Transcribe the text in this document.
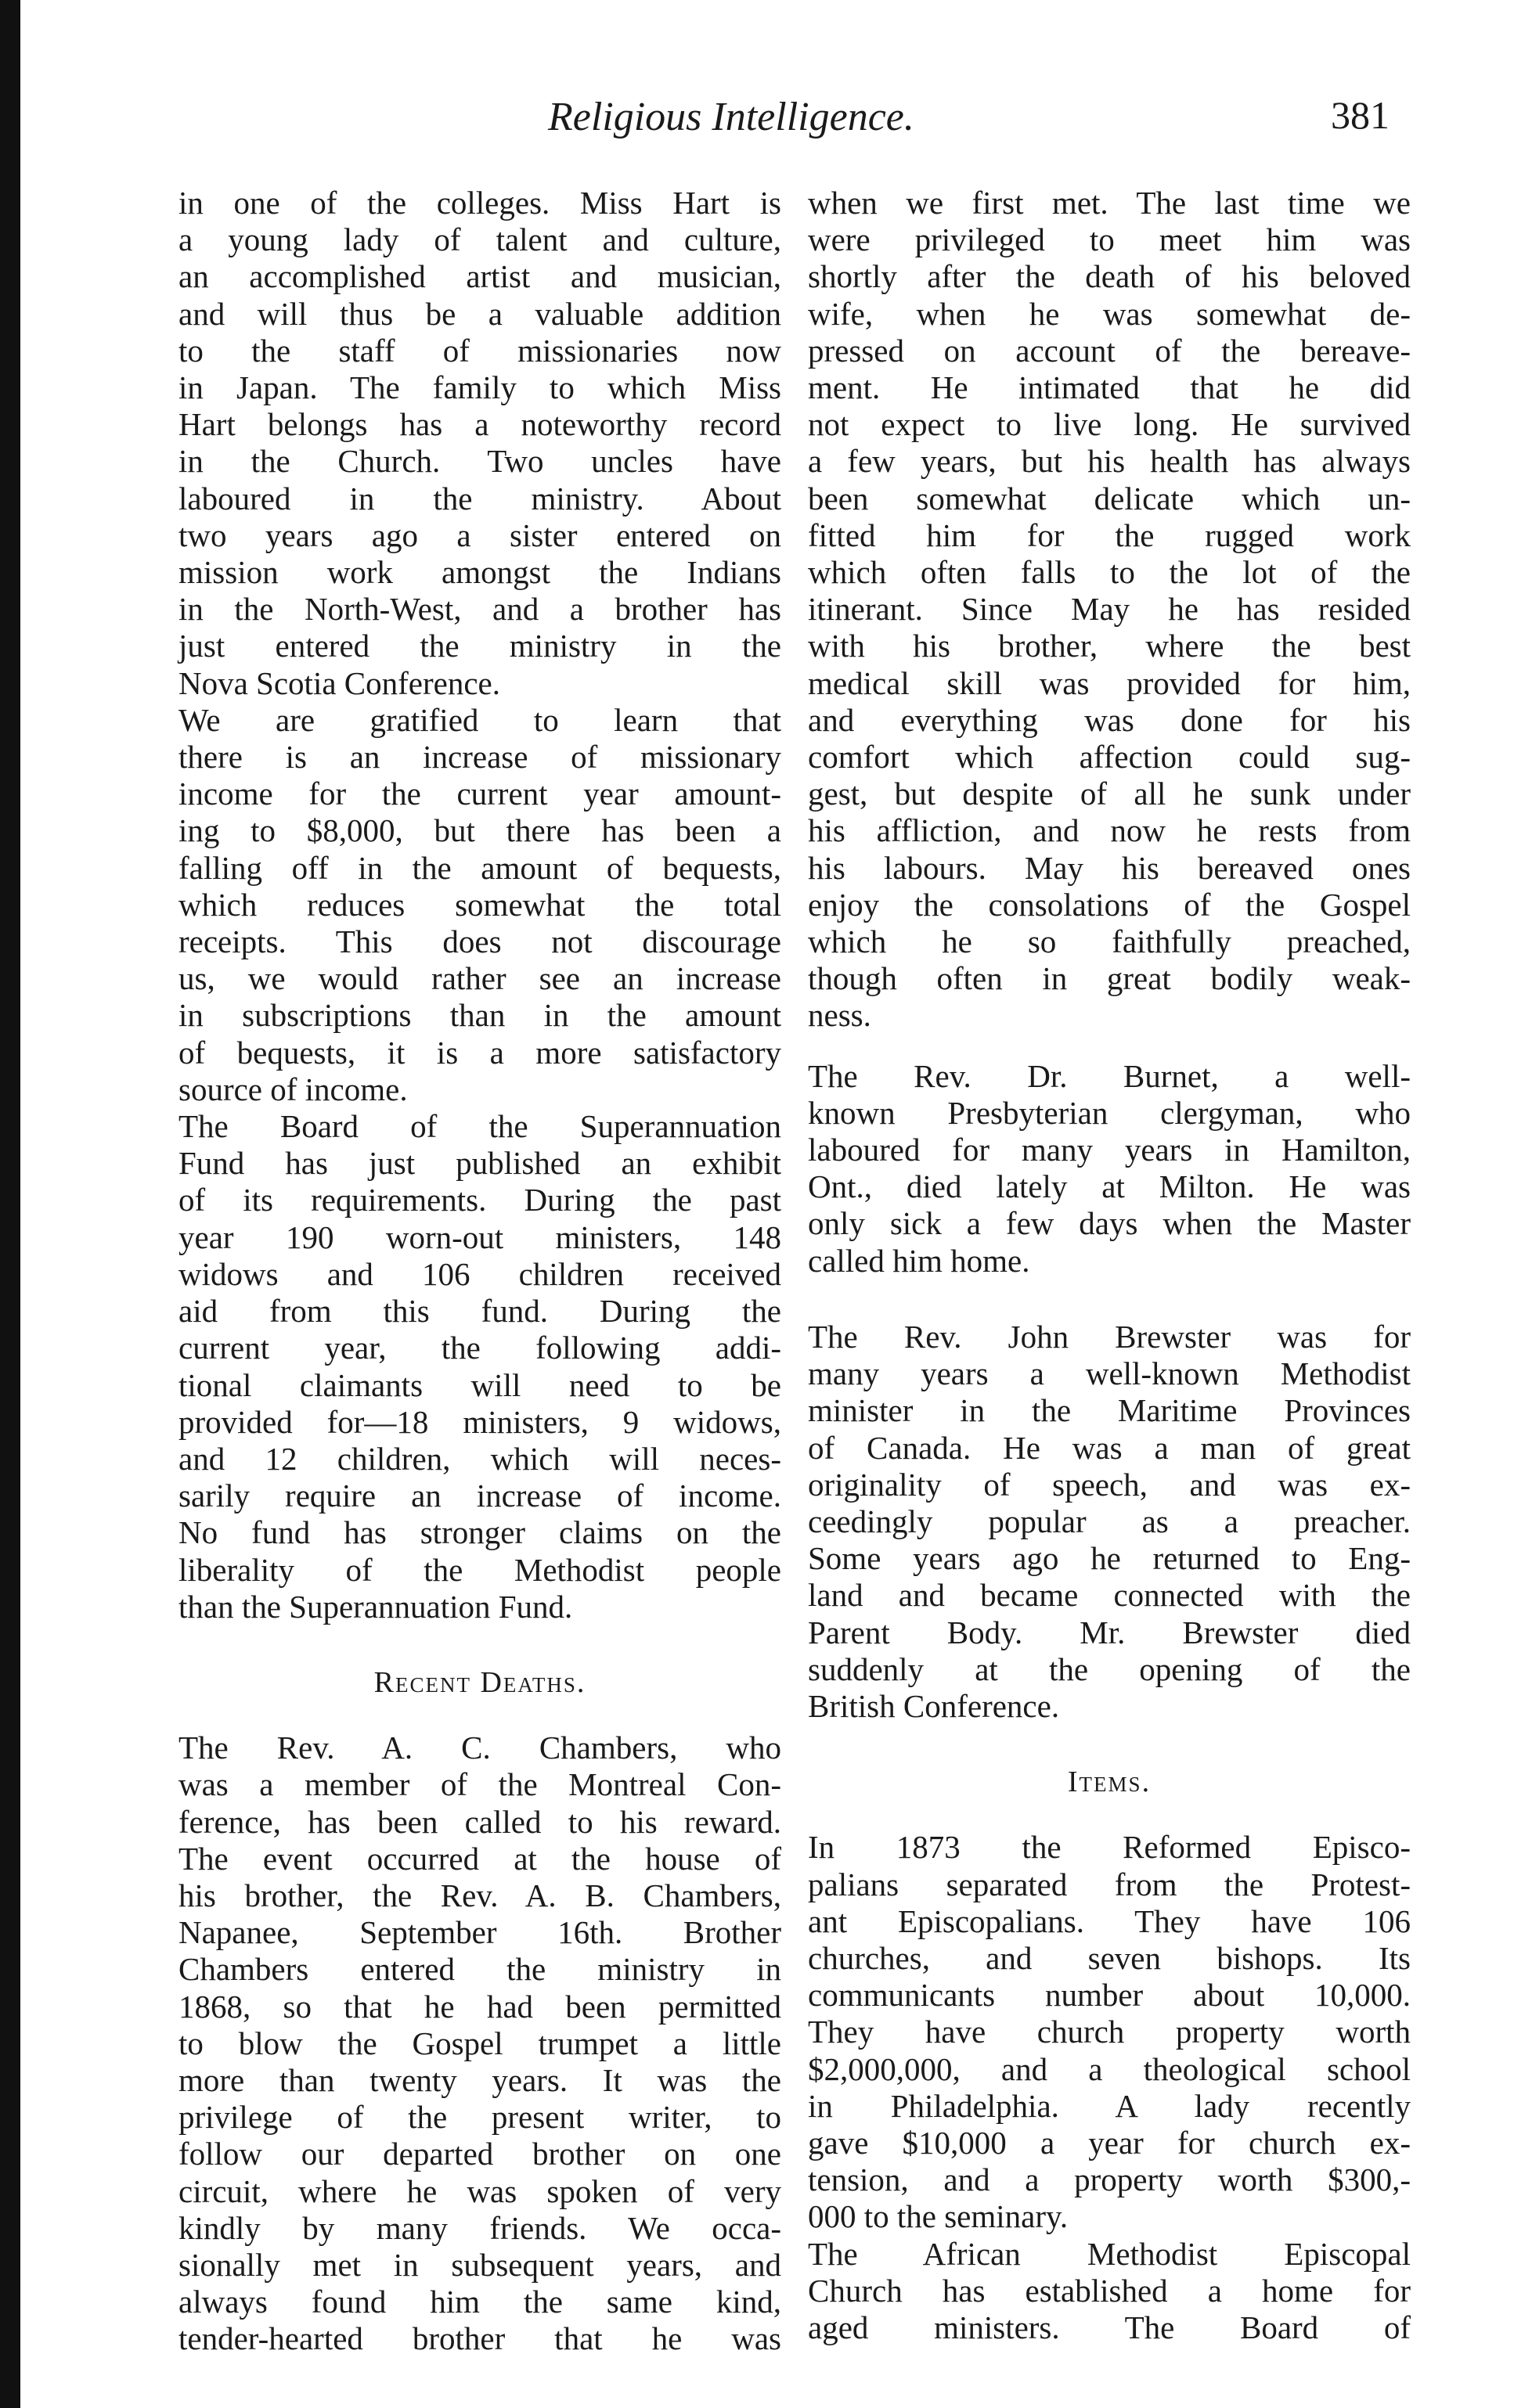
Religious Intelligence.	381
in one of the colleges. Miss Hart is
a young lady of talent and culture,
an accomplished artist and musician,
and will thus be a valuable addition
to the staff of missionaries now
in Japan. The family to which Miss
Hart belongs has a noteworthy record
in the Church. Two uncles have
laboured in the ministry. About
two years ago a sister entered on
mission work amongst the Indians
in the North-West, and a brother has
just entered the ministry in the
Nova Scotia Conference.
We are gratified to learn that
there is an increase of missionary
income for the current year amount-
ing to $8,000, but there has been a
falling off in the amount of bequests,
which reduces somewhat the total
receipts. This does not discourage
us, we would rather see an increase
in subscriptions than in the amount
of bequests, it is a more satisfactory
source of income.
The Board of the Superannuation
Fund has just published an exhibit
of its requirements. During the past
year 190 worn-out ministers, 148
widows and 106 children received
aid from this fund. During the
current year, the following addi-
tional claimants will need to be
provided for—18 ministers, 9 widows,
and 12 children, which will neces-
sarily require an increase of income.
No fund has stronger claims on the
liberality of the Methodist people
than the Superannuation Fund.
Recent Deaths.
The Rev. A. C. Chambers, who
was a member of the Montreal Con-
ference, has been called to his reward.
The event occurred at the house of
his brother, the Rev. A. B. Chambers,
Napanee, September 16th. Brother
Chambers entered the ministry in
1868, so that he had been permitted
to blow the Gospel trumpet a little
more than twenty years. It was the
privilege of the present writer, to
follow our departed brother on one
circuit, where he was spoken of very
kindly by many friends. We occa-
sionally met in subsequent years, and
always found him the same kind,
tender-hearted brother that he was
when we first met. The last time we
were privileged to meet him was
shortly after the death of his beloved
wife, when he was somewhat de-
pressed on account of the bereave-
ment. He intimated that he did
not expect to live long. He survived
a few years, but his health has always
been somewhat delicate which un-
fitted him for the rugged work
which often falls to the lot of the
itinerant. Since May he has resided
with his brother, where the best
medical skill was provided for him,
and everything was done for his
comfort which affection could sug-
gest, but despite of all he sunk under
his affliction, and now he rests from
his labours. May his bereaved ones
enjoy the consolations of the Gospel
which he so faithfully preached,
though often in great bodily weak-
ness.
The Rev. Dr. Burnet, a well-
known Presbyterian clergyman, who
laboured for many years in Hamilton,
Ont., died lately at Milton. He was
only sick a few days when the Master
called him home.
The Rev. John Brewster was for
many years a well-known Methodist
minister in the Maritime Provinces
of Canada. He was a man of great
originality of speech, and was ex-
ceedingly popular as a preacher.
Some years ago he returned to Eng-
land and became connected with the
Parent Body. Mr. Brewster died
suddenly at the opening of the
British Conference.
Items.
In 1873 the Reformed Episco-
palians separated from the Protest-
ant Episcopalians. They have 106
churches, and seven bishops. Its
communicants number about 10,000.
They have church property worth
$2,000,000, and a theological school
in Philadelphia. A lady recently
gave $10,000 a year for church ex-
tension, and a property worth $300,-
000 to the seminary.
The African Methodist Episcopal
Church has established a home for
aged ministers. The Board of
